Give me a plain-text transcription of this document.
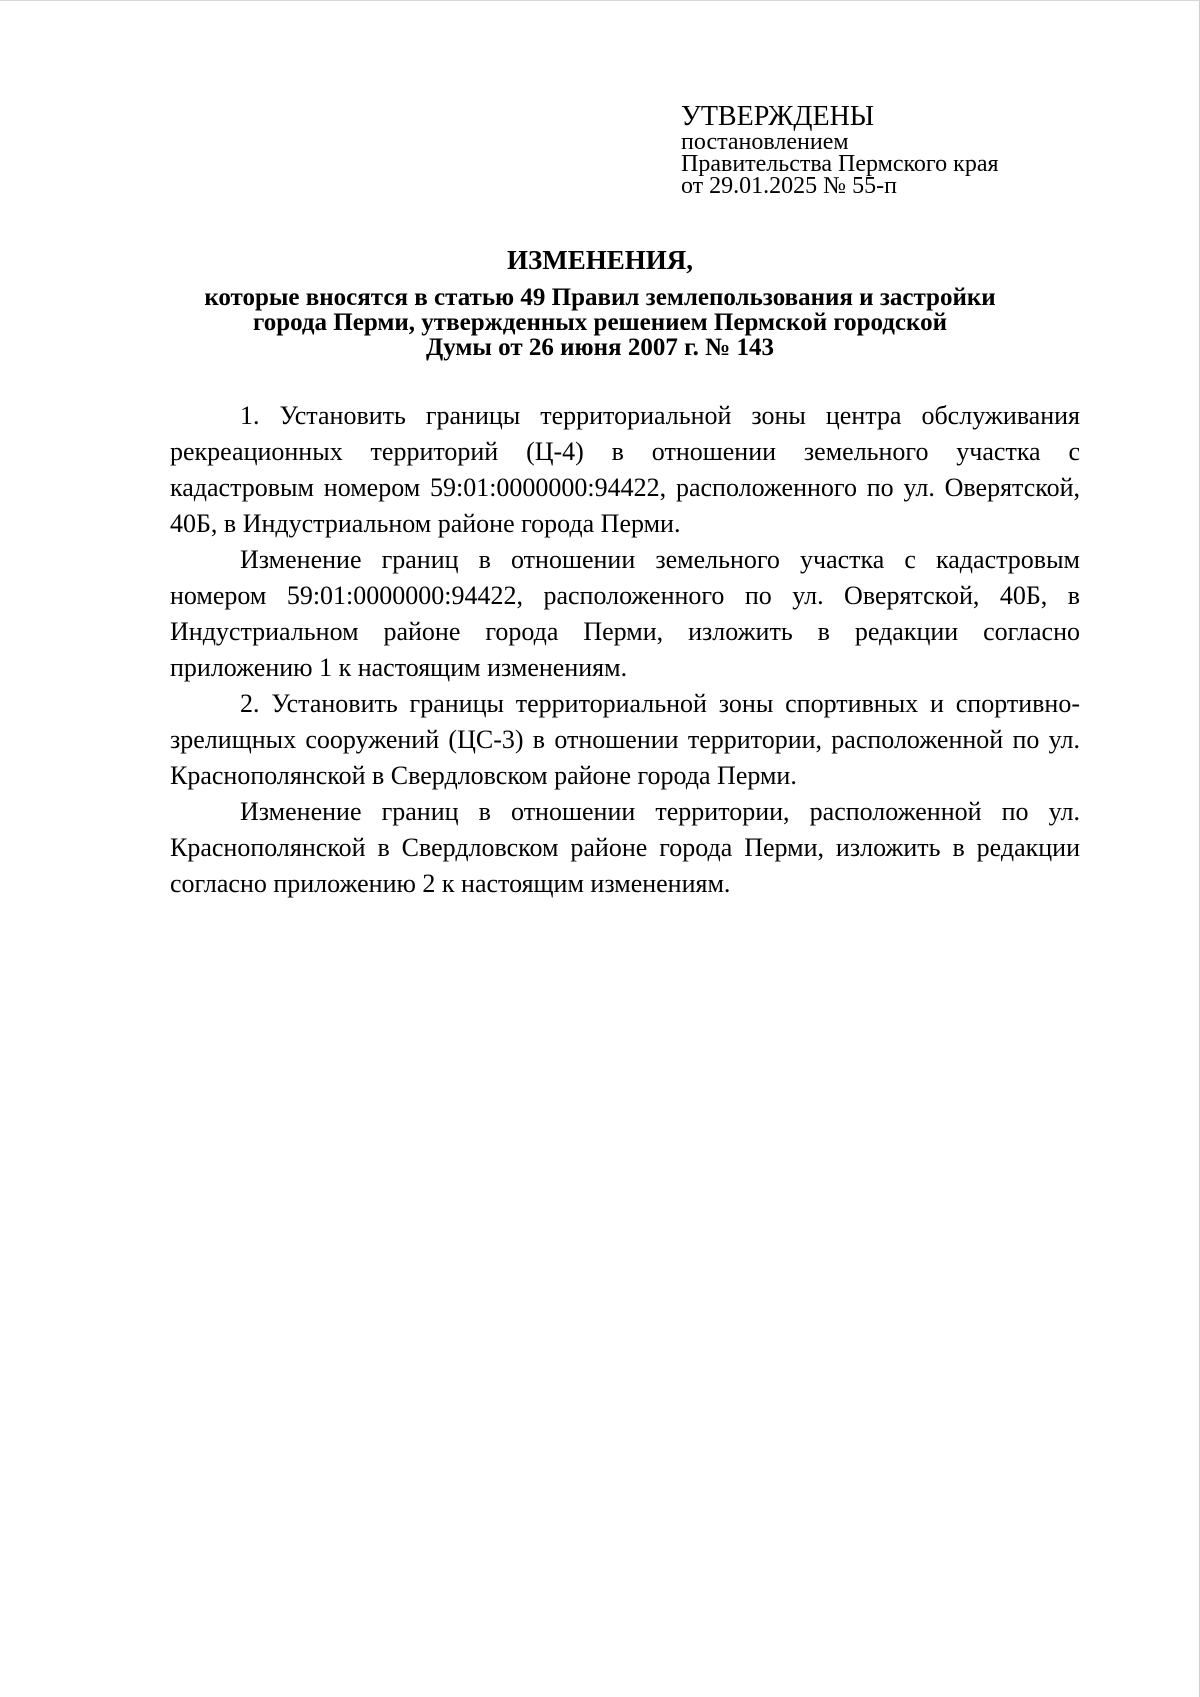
УТВЕРЖДЕНЫ
постановлением
Правительства Пермского края
от 29.01.2025 № 55-п
ИЗМЕНЕНИЯ,
которые вносятся в статью 49 Правил землепользования и застройки
города Перми, утвержденных решением Пермской городской
Думы от 26 июня 2007 г. № 143

1. Установить границы территориальной зоны центра обслуживания рекреационных территорий (Ц-4) в отношении земельного участка с кадастровым номером 59:01:0000000:94422, расположенного по ул. Оверятской, 40Б, в Индустриальном районе города Перми.

Изменение границ в отношении земельного участка с кадастровым номером 59:01:0000000:94422, расположенного по ул. Оверятской, 40Б, в Индустриальном районе города Перми, изложить в редакции согласно приложению 1 к настоящим изменениям.

2. Установить границы территориальной зоны спортивных и спортивно-зрелищных сооружений (ЦС-3) в отношении территории, расположенной по ул. Краснополянской в Свердловском районе города Перми.

Изменение границ в отношении территории, расположенной по ул. Краснополянской в Свердловском районе города Перми, изложить в редакции согласно приложению 2 к настоящим изменениям.
